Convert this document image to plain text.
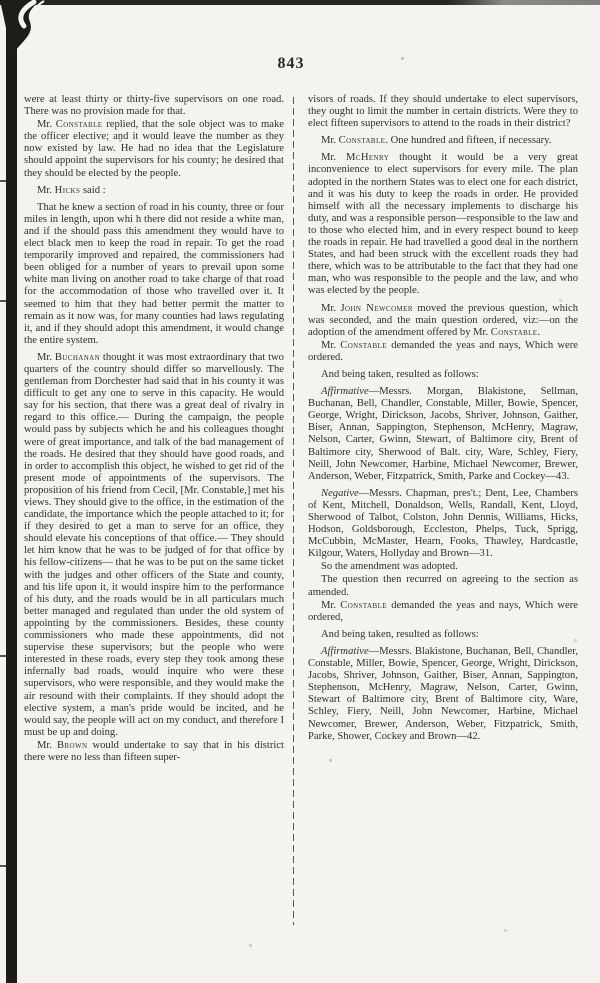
843

were at least thirty or thirty-five supervisors on one road. There was no provision made for that.

Mr. Constable replied, that the sole object was to make the officer elective; and it would leave the number as they now existed by law. He had no idea that the Legislature should appoint the supervisors for his county; he desired that they should be elected by the people.

Mr. Hicks said :

That he knew a section of road in his county, three or four miles in length, upon whi h there did not reside a white man, and if the should pass this amendment they would have to elect black men to keep the road in repair. To get the road temporarily improved and repaired, the commissioners had been obliged for a number of years to prevail upon some white man living on another road to take charge of that road for the accommodation of those who travelled over it. It seemed to him that they had better permit the matter to remain as it now was, for many counties had laws regulating it, and if they should adopt this amendment, it would change the entire system.

Mr. Buchanan thought it was most extraordinary that two quarters of the country should differ so marvellously. The gentleman from Dorchester had said that in his county it was difficult to get any one to serve in this capacity. He would say for his section, that there was a great deal of rivalry in regard to this office.— During the campaign, the people would pass by subjects which he and his colleagues thought were of great importance, and talk of the bad management of the roads. He desired that they should have good roads, and in order to accomplish this object, he wished to get rid of the present mode of appointments of the supervisors. The proposition of his friend from Cecil, [Mr. Constable,] met his views. They should give to the office, in the estimation of the candidate, the importance which the people attached to it; for if they desired to get a man to serve for an office, they should elevate his conceptions of that office.— They should let him know that he was to be judged of for that office by his fellow-citizens— that he was to be put on the same ticket with the judges and other officers of the State and county, and his life upon it, it would inspire him to the performance of his duty, and the roads would be in all particulars much better managed and regulated than under the old system of appointing by the commissioners. Besides, these county commissioners who made these appointments, did not supervise these supervisors; but the people who were interested in these roads, every step they took among these infernally bad roads, would inquire who were these supervisors, who were responsible, and they would make the air resound with their complaints. If they should adopt the elective system, a man's pride would be incited, and he would say, the people will act on my conduct, and therefore I must be up and doing.

Mr. Brown would undertake to say that in his district there were no less than fifteen super-

visors of roads. If they should undertake to elect supervisors, they ought to limit the number in certain districts. Were they to elect fifteen supervisors to attend to the roads in their district?

Mr. Constable. One hundred and fifteen, if necessary.

Mr. McHenry thought it would be a very great inconvenience to elect supervisors for every mile. The plan adopted in the northern States was to elect one for each district, and it was his duty to keep the roads in order. He provided himself with all the necessary implements to discharge his duty, and was a responsible person—responsible to the law and to those who elected him, and in every respect bound to keep the roads in repair. He had travelled a good deal in the northern States, and had been struck with the excellent roads they had there, which was to be attributable to the fact that they had one man, who was responsible to the people and the law, and who was elected by the people.

Mr. John Newcomer moved the previous question, which was seconded, and the main question ordered, viz:—on the adoption of the amendment offered by Mr. Constable.

Mr. Constable demanded the yeas and nays, Which were ordered.

And being taken, resulted as follows:

Affirmative—Messrs. Morgan, Blakistone, Sellman, Buchanan, Bell, Chandler, Constable, Miller, Bowie, Spencer, George, Wright, Dirickson, Jacobs, Shriver, Johnson, Gaither, Biser, Annan, Sappington, Stephenson, McHenry, Magraw, Nelson, Carter, Gwinn, Stewart, of Baltimore city, Brent of Baltimore city, Sherwood of Balt. city, Ware, Schley, Fiery, Neill, John Newcomer, Harbine, Michael Newcomer, Brewer, Anderson, Weber, Fitzpatrick, Smith, Parke and Cockey—43.

Negative—Messrs. Chapman, pres't.; Dent, Lee, Chambers of Kent, Mitchell, Donaldson, Wells, Randall, Kent, Lloyd, Sherwood of Talbot, Colston, John Dennis, Williams, Hicks, Hodson, Goldsborough, Eccleston, Phelps, Tuck, Sprigg, McCubbin, McMaster, Hearn, Fooks, Thawley, Hardcastle, Kilgour, Waters, Hollyday and Brown—31.

So the amendment was adopted.

The question then recurred on agreeing to the section as amended.

Mr. Constable demanded the yeas and nays, Which were ordered,

And being taken, resulted as follows:

Affirmative—Messrs. Blakistone, Buchanan, Bell, Chandler, Constable, Miller, Bowie, Spencer, George, Wright, Dirickson, Jacobs, Shriver, Johnson, Gaither, Biser, Annan, Sappington, Stephenson, McHenry, Magraw, Nelson, Carter, Gwinn, Stewart of Baltimore city, Brent of Baltimore city, Ware, Schley, Fiery, Neill, John Newcomer, Harbine, Michael Newcomer, Brewer, Anderson, Weber, Fitzpatrick, Smith, Parke, Shower, Cockey and Brown—42.
